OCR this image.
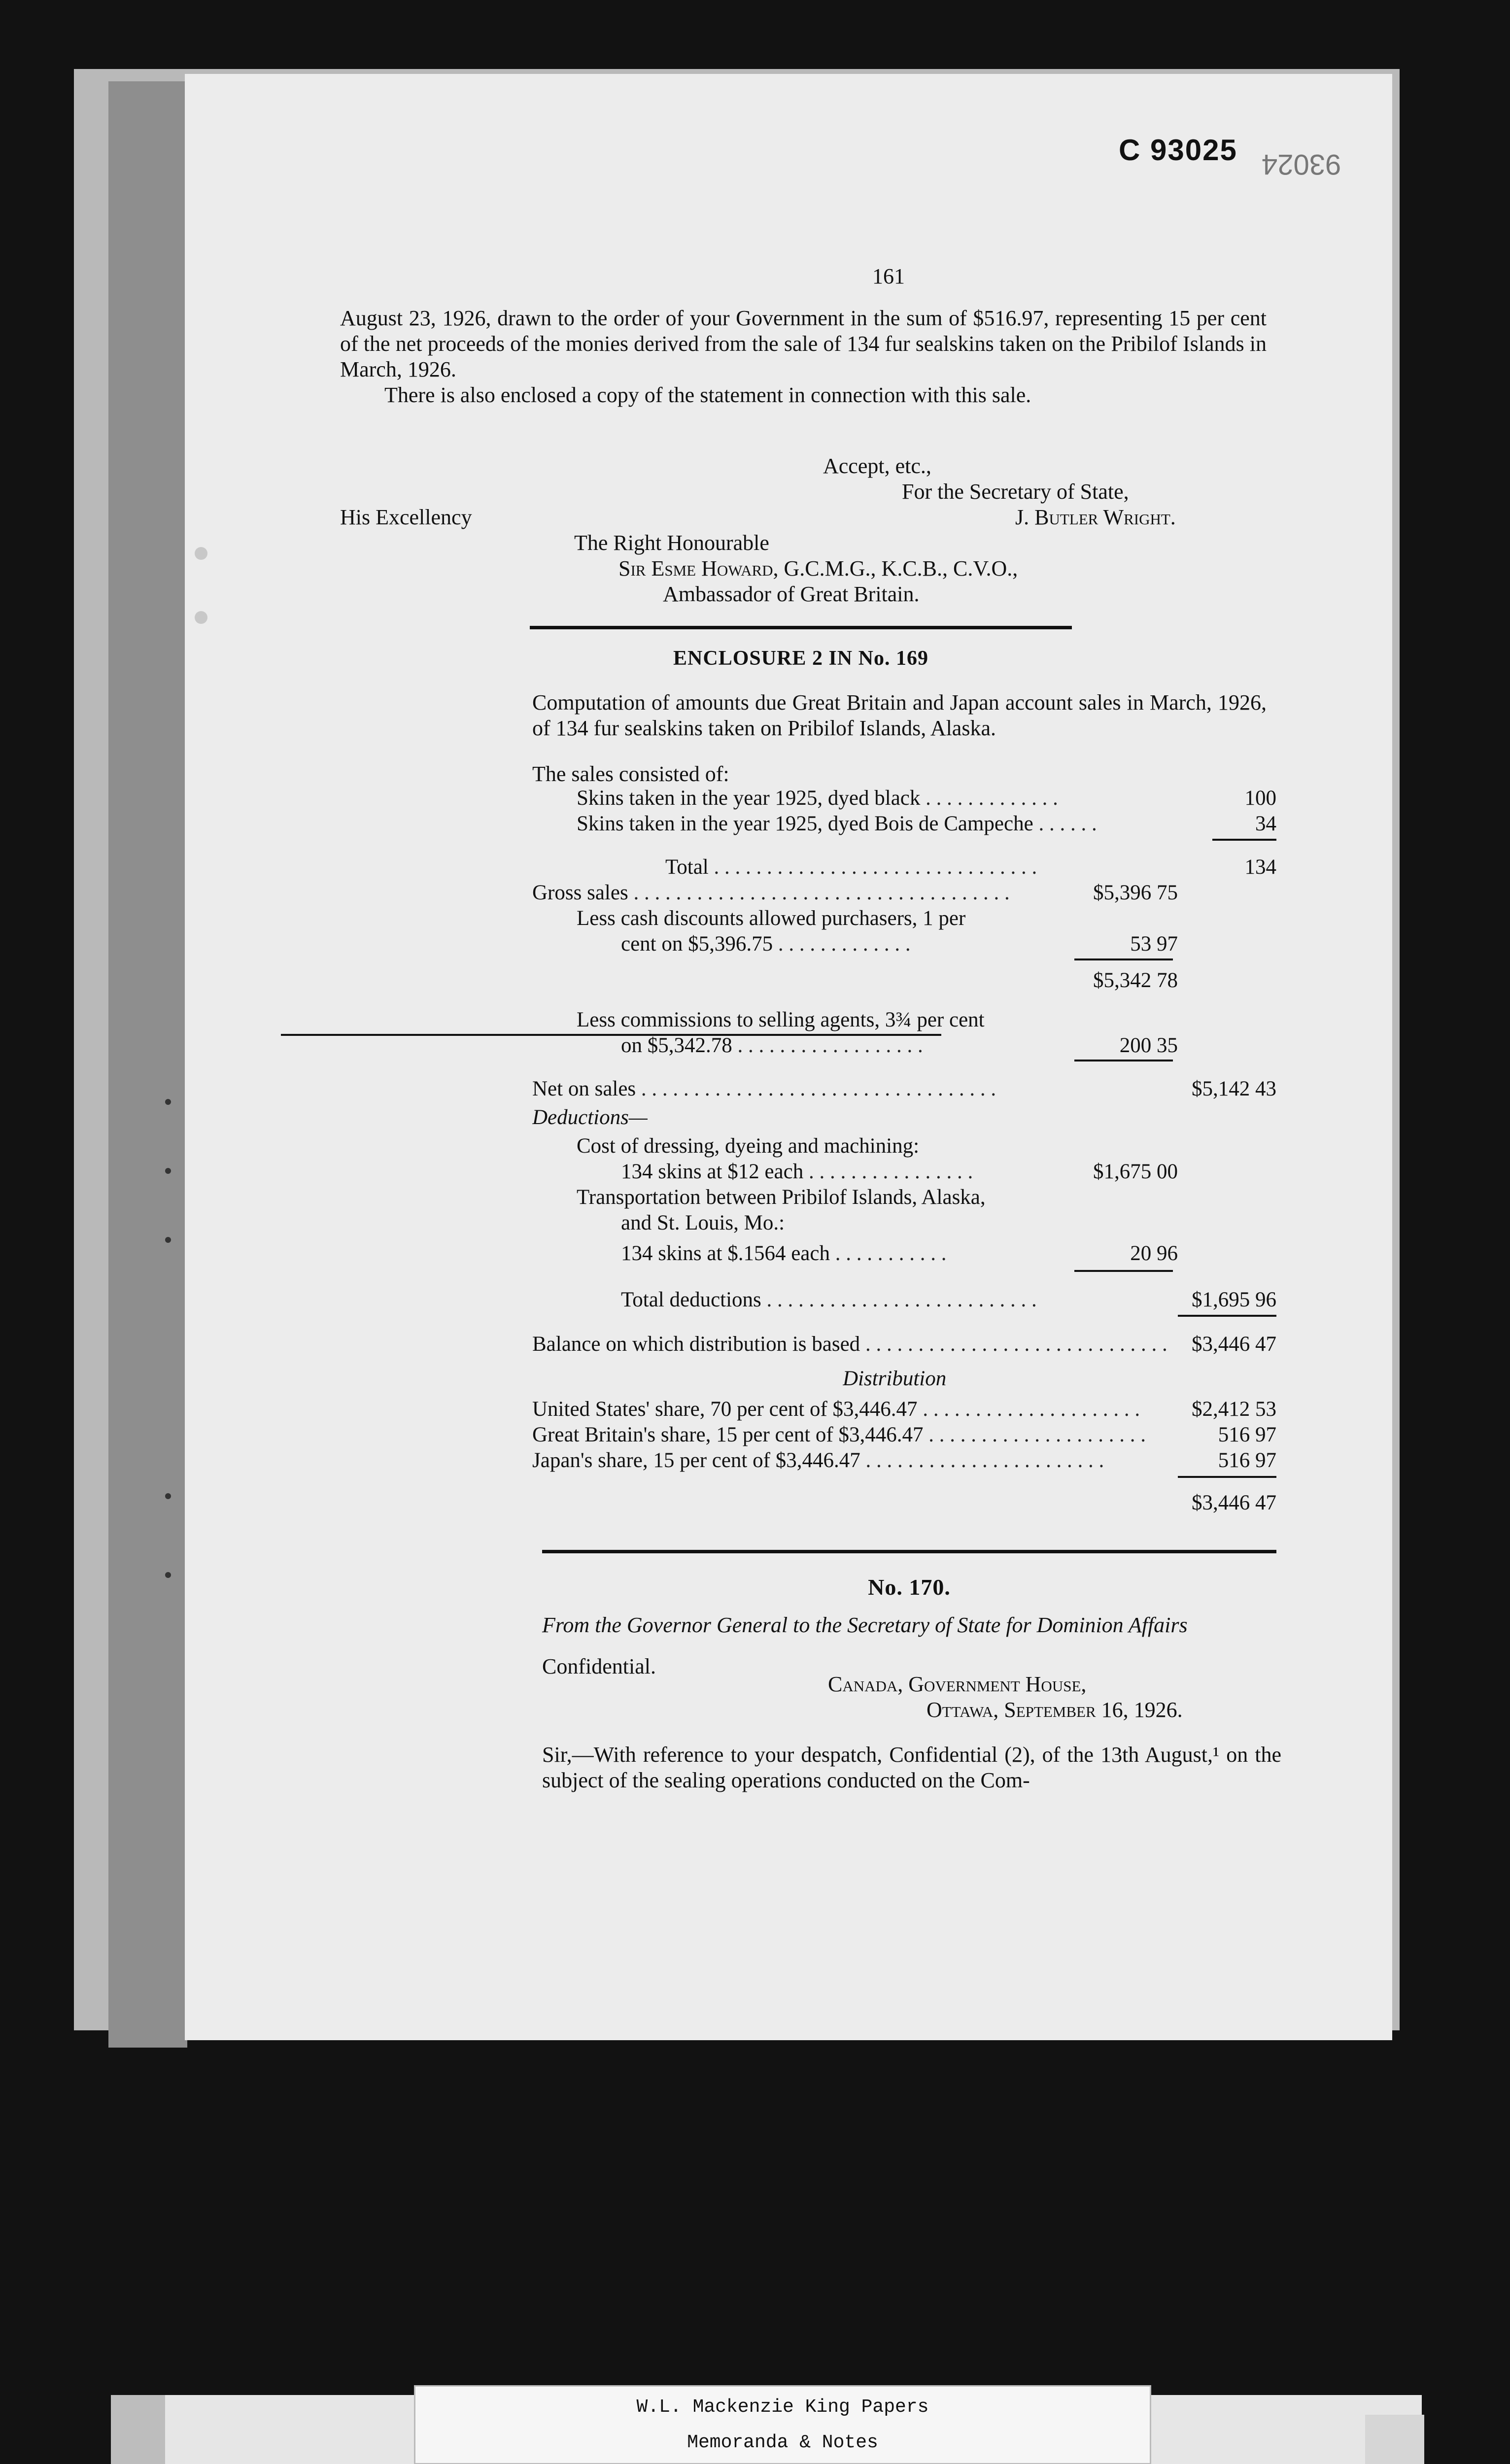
C 93025 93024
161

August 23, 1926, drawn to the order of your Government in the sum of $516.97, representing 15 per cent of the net proceeds of the monies derived from the sale of 134 fur sealskins taken on the Pribilof Islands in March, 1926.

There is also enclosed a copy of the statement in connection with this sale.

Accept, etc.,
For the Secretary of State,
His Excellency	J. Butler Wright.
The Right Honourable
Sir Esme Howard, G.C.M.G., K.C.B., C.V.O.,
Ambassador of Great Britain.
ENCLOSURE 2 IN No. 169
Computation of amounts due Great Britain and Japan account sales in March, 1926, of 134 fur sealskins taken on Pribilof Islands, Alaska.
The sales consisted of:
Skins taken in the year 1925, dyed black . . . . . . . . . . . . .	100
Skins taken in the year 1925, dyed Bois de Campeche . . . . . .	34
Total . . . . . . . . . . . . . . . . . . . . . . . . . . . . . . .	134
Gross sales . . . . . . . . . . . . . . . . . . . . . . . . . . . . . . . . . . . .	$5,396 75
Less cash discounts allowed purchasers, 1 per
cent on $5,396.75 . . . . . . . . . . . . .	53 97
$5,342 78
Less commissions to selling agents, 3¾ per cent
on $5,342.78 . . . . . . . . . . . . . . . . . .	200 35
Net on sales . . . . . . . . . . . . . . . . . . . . . . . . . . . . . . . . . .	$5,142 43
Deductions—
Cost of dressing, dyeing and machining:
134 skins at $12 each . . . . . . . . . . . . . . . .	$1,675 00
Transportation between Pribilof Islands, Alaska,
and St. Louis, Mo.:
134 skins at $.1564 each . . . . . . . . . . .	20 96
Total deductions . . . . . . . . . . . . . . . . . . . . . . . . . .	$1,695 96
Balance on which distribution is based . . . . . . . . . . . . . . . . . . . . . . . . . . . . .	$3,446 47
Distribution
United States' share, 70 per cent of $3,446.47 . . . . . . . . . . . . . . . . . . . . .	$2,412 53
Great Britain's share, 15 per cent of $3,446.47 . . . . . . . . . . . . . . . . . . . . .	516 97
Japan's share, 15 per cent of $3,446.47 . . . . . . . . . . . . . . . . . . . . . . .	516 97
$3,446 47
No. 170.
From the Governor General to the Secretary of State for Dominion Affairs
Confidential.
Canada, Government House,
Ottawa, September 16, 1926.
Sir,—With reference to your despatch, Confidential (2), of the 13th August,¹ on the subject of the sealing operations conducted on the Com-
W.L. Mackenzie King Papers
Memoranda & Notes
